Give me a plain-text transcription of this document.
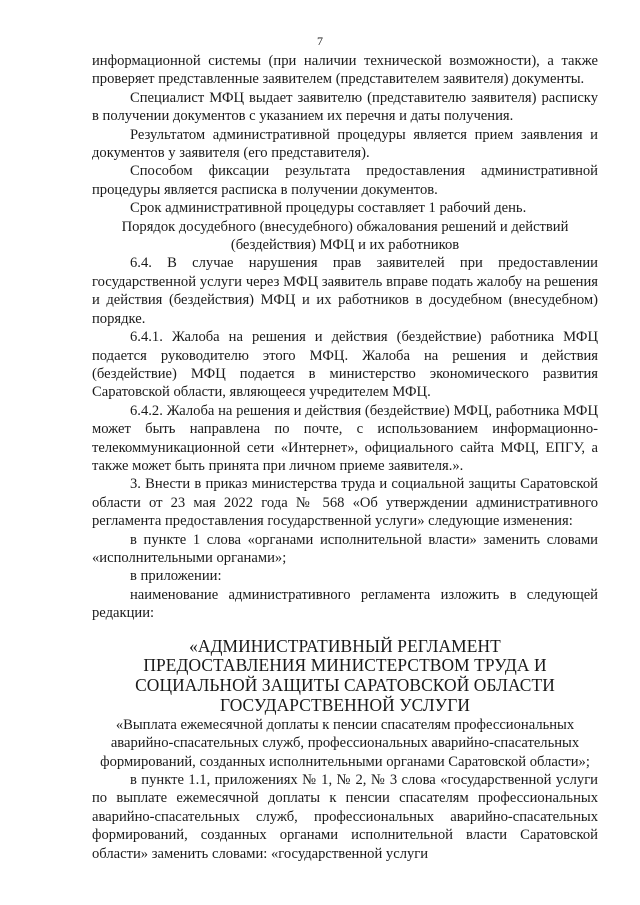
7

информационной системы (при наличии технической возможности), а также проверяет представленные заявителем (представителем заявителя) документы.

Специалист МФЦ выдает заявителю (представителю заявителя) расписку в получении документов с указанием их перечня и даты получения.

Результатом административной процедуры является прием заявления и документов у заявителя (его представителя).

Способом фиксации результата предоставления административной процедуры является расписка в получении документов.

Срок административной процедуры составляет 1 рабочий день.

Порядок досудебного (внесудебного) обжалования решений и действий (бездействия) МФЦ и их работников

6.4. В случае нарушения прав заявителей при предоставлении государственной услуги через МФЦ заявитель вправе подать жалобу на решения и действия (бездействия) МФЦ и их работников в досудебном (внесудебном) порядке.

6.4.1. Жалоба на решения и действия (бездействие) работника МФЦ подается руководителю этого МФЦ. Жалоба на решения и действия (бездействие) МФЦ подается в министерство экономического развития Саратовской области, являющееся учредителем МФЦ.

6.4.2. Жалоба на решения и действия (бездействие) МФЦ, работника МФЦ может быть направлена по почте, с использованием информационно-телекоммуникационной сети «Интернет», официального сайта МФЦ, ЕПГУ, а также может быть принята при личном приеме заявителя.».

3. Внести в приказ министерства труда и социальной защиты Саратовской области от 23 мая 2022 года № 568 «Об утверждении административного регламента предоставления государственной услуги» следующие изменения:

в пункте 1 слова «органами исполнительной власти» заменить словами «исполнительными органами»;

в приложении:

наименование административного регламента изложить в следующей редакции:

«АДМИНИСТРАТИВНЫЙ РЕГЛАМЕНТ

ПРЕДОСТАВЛЕНИЯ МИНИСТЕРСТВОМ ТРУДА И СОЦИАЛЬНОЙ ЗАЩИТЫ САРАТОВСКОЙ ОБЛАСТИ ГОСУДАРСТВЕННОЙ УСЛУГИ

«Выплата ежемесячной доплаты к пенсии спасателям профессиональных аварийно-спасательных служб, профессиональных аварийно-спасательных формирований, созданных исполнительными органами Саратовской области»;

в пункте 1.1, приложениях № 1, № 2, № 3 слова «государственной услуги по выплате ежемесячной доплаты к пенсии спасателям профессиональных аварийно-спасательных служб, профессиональных аварийно-спасательных формирований, созданных органами исполнительной власти Саратовской области» заменить словами: «государственной услуги
